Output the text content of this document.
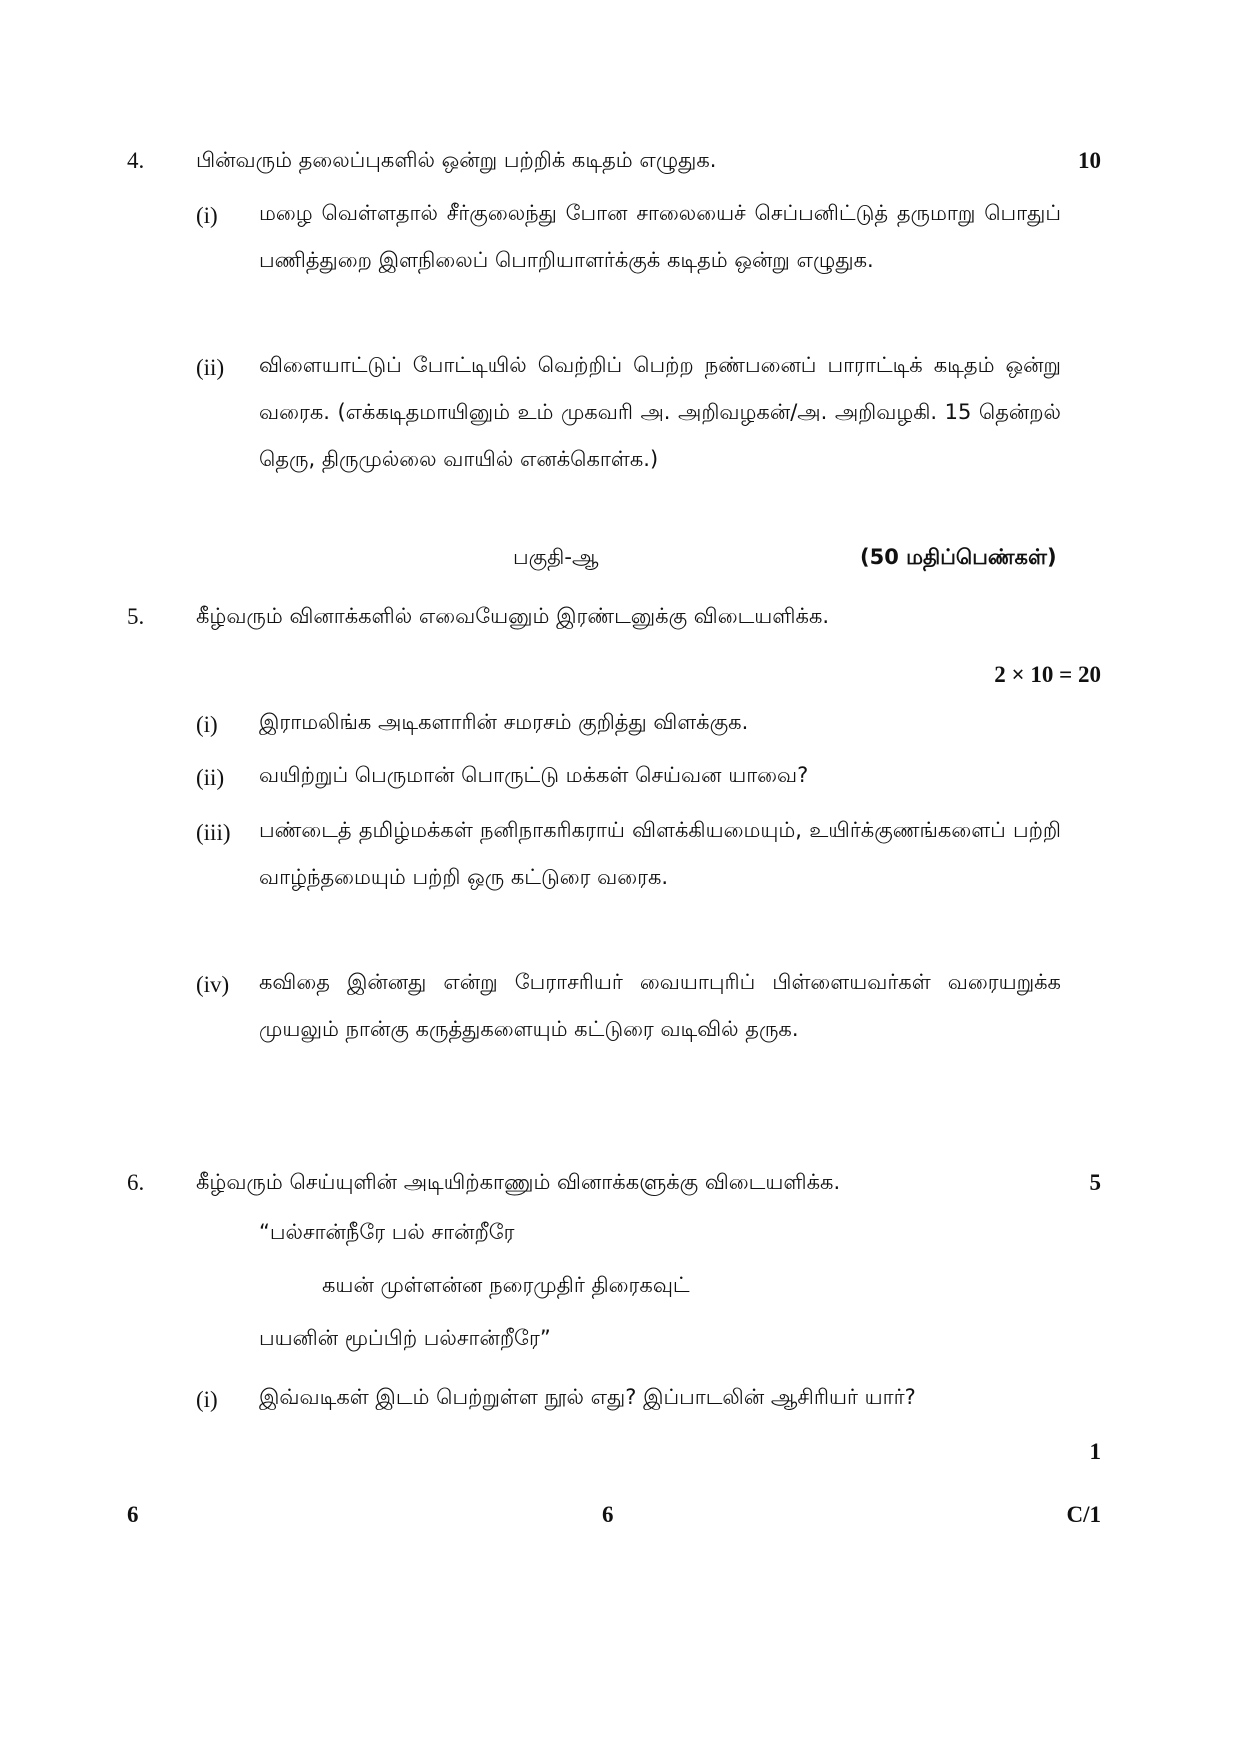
4. பின்வரும் தலைப்புகளில் ஒன்று பற்றிக் கடிதம் எழுதுக.	10
(i) மழை வெள்ளதால் சீர்குலைந்து போன சாலையைச் செப்பனிட்டுத் தருமாறு பொதுப் பணித்துறை இளநிலைப் பொறியாளர்க்குக் கடிதம் ஒன்று எழுதுக.
(ii) விளையாட்டுப் போட்டியில் வெற்றிப் பெற்ற நண்பனைப் பாராட்டிக் கடிதம் ஒன்று வரைக. (எக்கடிதமாயினும் உம் முகவரி அ. அறிவழகன்/அ. அறிவழகி. 15 தென்றல் தெரு, திருமுல்லை வாயில் எனக்கொள்க.)
பகுதி-ஆ	(50 மதிப்பெண்கள்)
5. கீழ்வரும் வினாக்களில் எவையேனும் இரண்டனுக்கு விடையளிக்க.
2 × 10 = 20
(i) இராமலிங்க அடிகளாரின் சமரசம் குறித்து விளக்குக.
(ii) வயிற்றுப் பெருமான் பொருட்டு மக்கள் செய்வன யாவை?
(iii) பண்டைத் தமிழ்மக்கள் நனிநாகரிகராய் விளக்கியமையும், உயிர்க்குணங்களைப் பற்றி வாழ்ந்தமையும் பற்றி ஒரு கட்டுரை வரைக.
(iv) கவிதை இன்னது என்று பேராசரியர் வையாபுரிப் பிள்ளையவர்கள் வரையறுக்க முயலும் நான்கு கருத்துகளையும் கட்டுரை வடிவில் தருக.
6. கீழ்வரும் செய்யுளின் அடியிற்காணும் வினாக்களுக்கு விடையளிக்க.	5
“பல்சான்நீரே பல் சான்றீரே
கயன் முள்ளன்ன நரைமுதிர் திரைகவுட்
பயனின் மூப்பிற் பல்சான்றீரே”
(i) இவ்வடிகள் இடம் பெற்றுள்ள நூல் எது? இப்பாடலின் ஆசிரியர் யார்?
1
6	6	C/1
